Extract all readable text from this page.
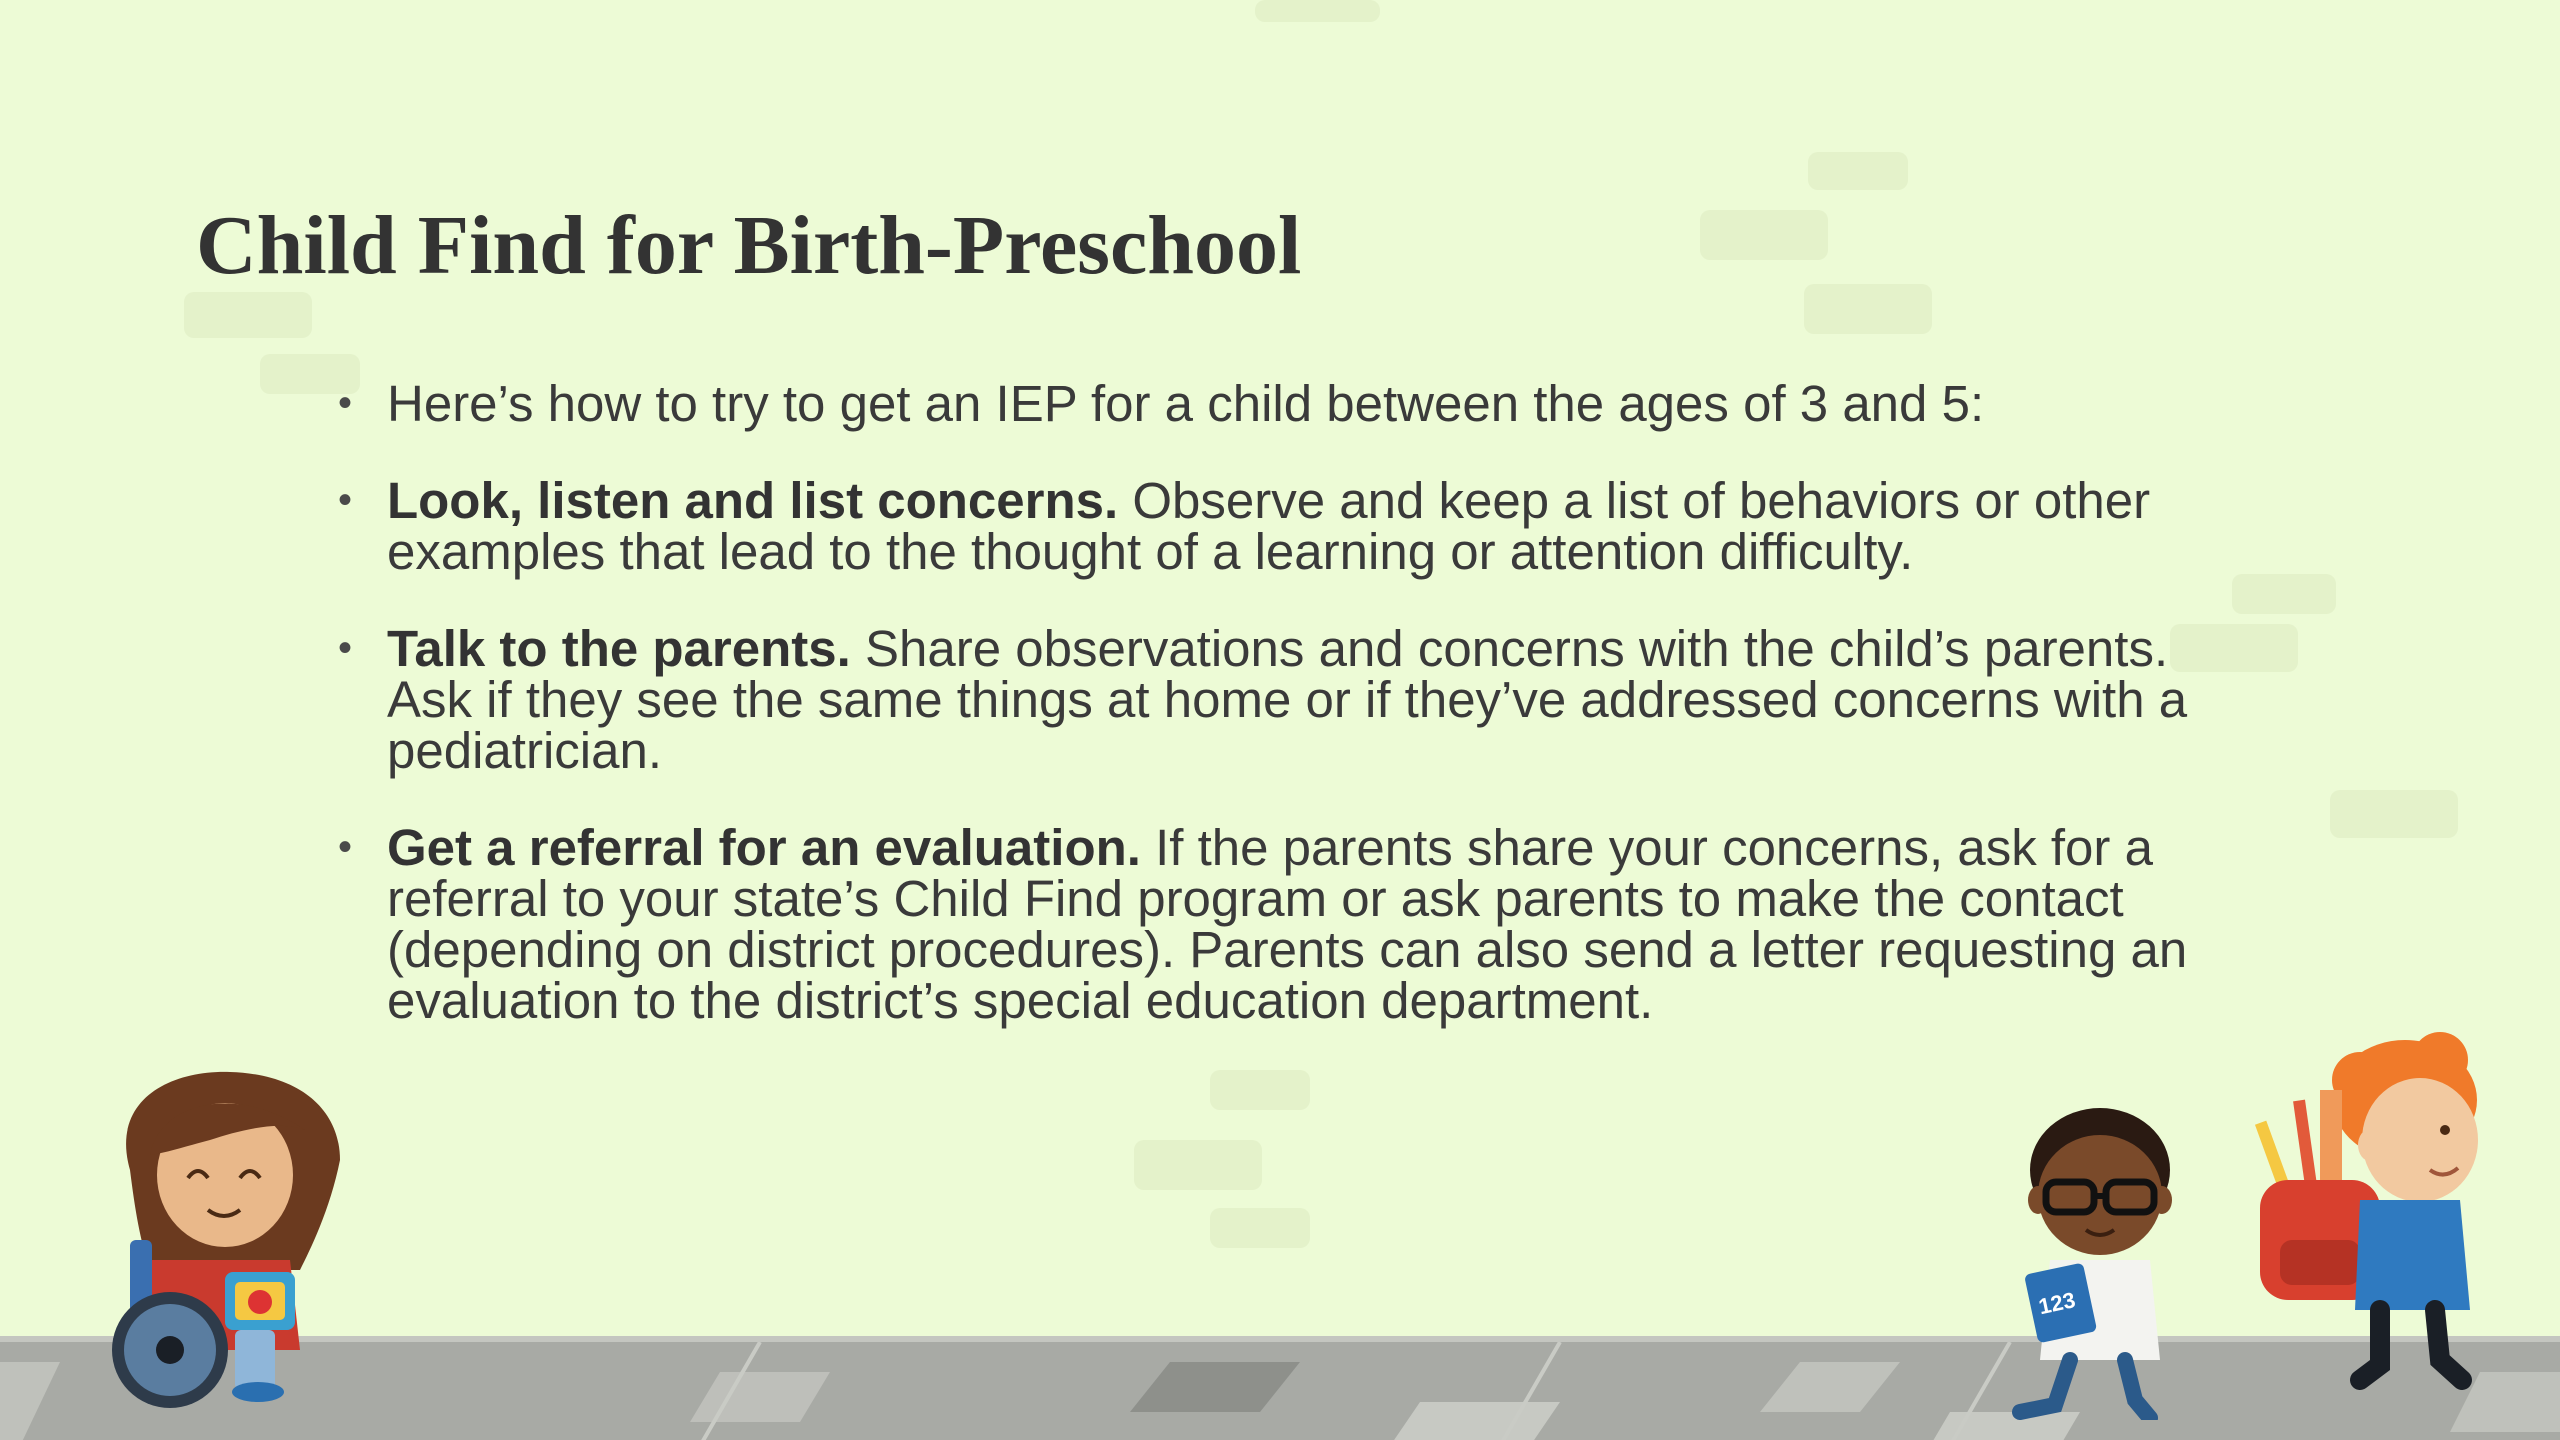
Child Find for Birth-Preschool
• Here’s how to try to get an IEP for a child between the ages of 3 and 5:
• Look, listen and list concerns. Observe and keep a list of behaviors or other examples that lead to the thought of a learning or attention difficulty.
• Talk to the parents. Share observations and concerns with the child’s parents. Ask if they see the same things at home or if they’ve addressed concerns with a pediatrician.
• Get a referral for an evaluation. If the parents share your concerns, ask for a referral to your state’s Child Find program or ask parents to make the contact (depending on district procedures). Parents can also send a letter requesting an evaluation to the district’s special education department.
123
